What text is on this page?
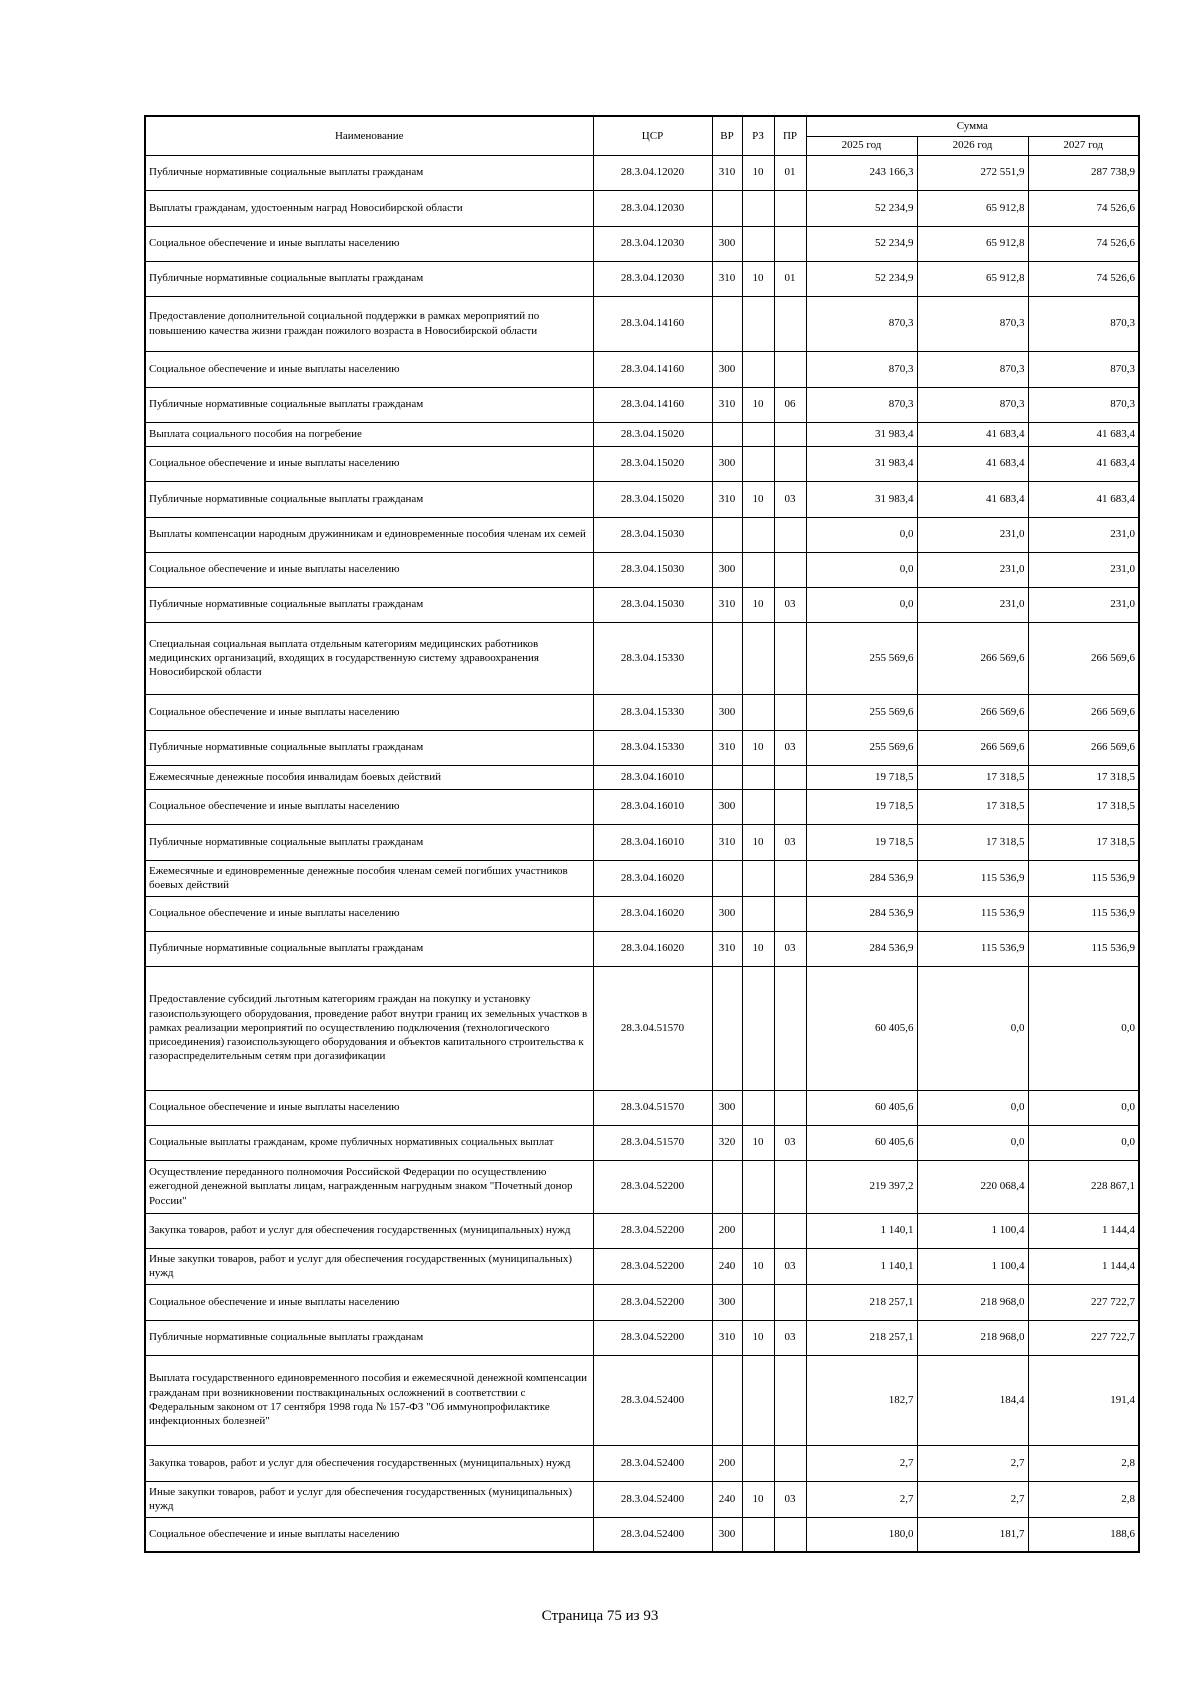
Наименование	ЦСР	ВР	РЗ	ПР	Сумма		
					2025 год	2026 год	2027 год
Публичные нормативные социальные выплаты гражданам	28.3.04.12020	310	10	01	243 166,3	272 551,9	287 738,9
Выплаты гражданам, удостоенным наград Новосибирской области	28.3.04.12030				52 234,9	65 912,8	74 526,6
Социальное обеспечение и иные выплаты населению	28.3.04.12030	300			52 234,9	65 912,8	74 526,6
Публичные нормативные социальные выплаты гражданам	28.3.04.12030	310	10	01	52 234,9	65 912,8	74 526,6
Предоставление дополнительной социальной поддержки в рамках мероприятий по повышению качества жизни граждан пожилого возраста в Новосибирской области	28.3.04.14160				870,3	870,3	870,3
Социальное обеспечение и иные выплаты населению	28.3.04.14160	300			870,3	870,3	870,3
Публичные нормативные социальные выплаты гражданам	28.3.04.14160	310	10	06	870,3	870,3	870,3
Выплата социального пособия на погребение	28.3.04.15020				31 983,4	41 683,4	41 683,4
Социальное обеспечение и иные выплаты населению	28.3.04.15020	300			31 983,4	41 683,4	41 683,4
Публичные нормативные социальные выплаты гражданам	28.3.04.15020	310	10	03	31 983,4	41 683,4	41 683,4
Выплаты компенсации народным дружинникам и единовременные пособия членам их семей	28.3.04.15030				0,0	231,0	231,0
Социальное обеспечение и иные выплаты населению	28.3.04.15030	300			0,0	231,0	231,0
Публичные нормативные социальные выплаты гражданам	28.3.04.15030	310	10	03	0,0	231,0	231,0
Специальная социальная выплата отдельным категориям медицинских работников медицинских организаций, входящих в государственную систему здравоохранения Новосибирской области	28.3.04.15330				255 569,6	266 569,6	266 569,6
Социальное обеспечение и иные выплаты населению	28.3.04.15330	300			255 569,6	266 569,6	266 569,6
Публичные нормативные социальные выплаты гражданам	28.3.04.15330	310	10	03	255 569,6	266 569,6	266 569,6
Ежемесячные денежные пособия инвалидам боевых действий	28.3.04.16010				19 718,5	17 318,5	17 318,5
Социальное обеспечение и иные выплаты населению	28.3.04.16010	300			19 718,5	17 318,5	17 318,5
Публичные нормативные социальные выплаты гражданам	28.3.04.16010	310	10	03	19 718,5	17 318,5	17 318,5
Ежемесячные и единовременные денежные пособия членам семей погибших участников боевых действий	28.3.04.16020				284 536,9	115 536,9	115 536,9
Социальное обеспечение и иные выплаты населению	28.3.04.16020	300			284 536,9	115 536,9	115 536,9
Публичные нормативные социальные выплаты гражданам	28.3.04.16020	310	10	03	284 536,9	115 536,9	115 536,9
Предоставление субсидий льготным категориям граждан на покупку и установку газоиспользующего оборудования, проведение работ внутри границ их земельных участков в рамках реализации мероприятий по осуществлению подключения (технологического присоединения) газоиспользующего оборудования и объектов капитального строительства к газораспределительным сетям при догазификации	28.3.04.51570				60 405,6	0,0	0,0
Социальное обеспечение и иные выплаты населению	28.3.04.51570	300			60 405,6	0,0	0,0
Социальные выплаты гражданам, кроме публичных нормативных социальных выплат	28.3.04.51570	320	10	03	60 405,6	0,0	0,0
Осуществление переданного полномочия Российской Федерации по осуществлению ежегодной денежной выплаты лицам, награжденным нагрудным знаком "Почетный донор России"	28.3.04.52200				219 397,2	220 068,4	228 867,1
Закупка товаров, работ и услуг для обеспечения государственных (муниципальных) нужд	28.3.04.52200	200			1 140,1	1 100,4	1 144,4
Иные закупки товаров, работ и услуг для обеспечения государственных (муниципальных) нужд	28.3.04.52200	240	10	03	1 140,1	1 100,4	1 144,4
Социальное обеспечение и иные выплаты населению	28.3.04.52200	300			218 257,1	218 968,0	227 722,7
Публичные нормативные социальные выплаты гражданам	28.3.04.52200	310	10	03	218 257,1	218 968,0	227 722,7
Выплата государственного единовременного пособия и ежемесячной денежной компенсации гражданам при возникновении поствакцинальных осложнений в соответствии с Федеральным законом от 17 сентября 1998 года № 157-ФЗ "Об иммунопрофилактике инфекционных болезней"	28.3.04.52400				182,7	184,4	191,4
Закупка товаров, работ и услуг для обеспечения государственных (муниципальных) нужд	28.3.04.52400	200			2,7	2,7	2,8
Иные закупки товаров, работ и услуг для обеспечения государственных (муниципальных) нужд	28.3.04.52400	240	10	03	2,7	2,7	2,8
Социальное обеспечение и иные выплаты населению	28.3.04.52400	300			180,0	181,7	188,6
Страница 75 из 93
